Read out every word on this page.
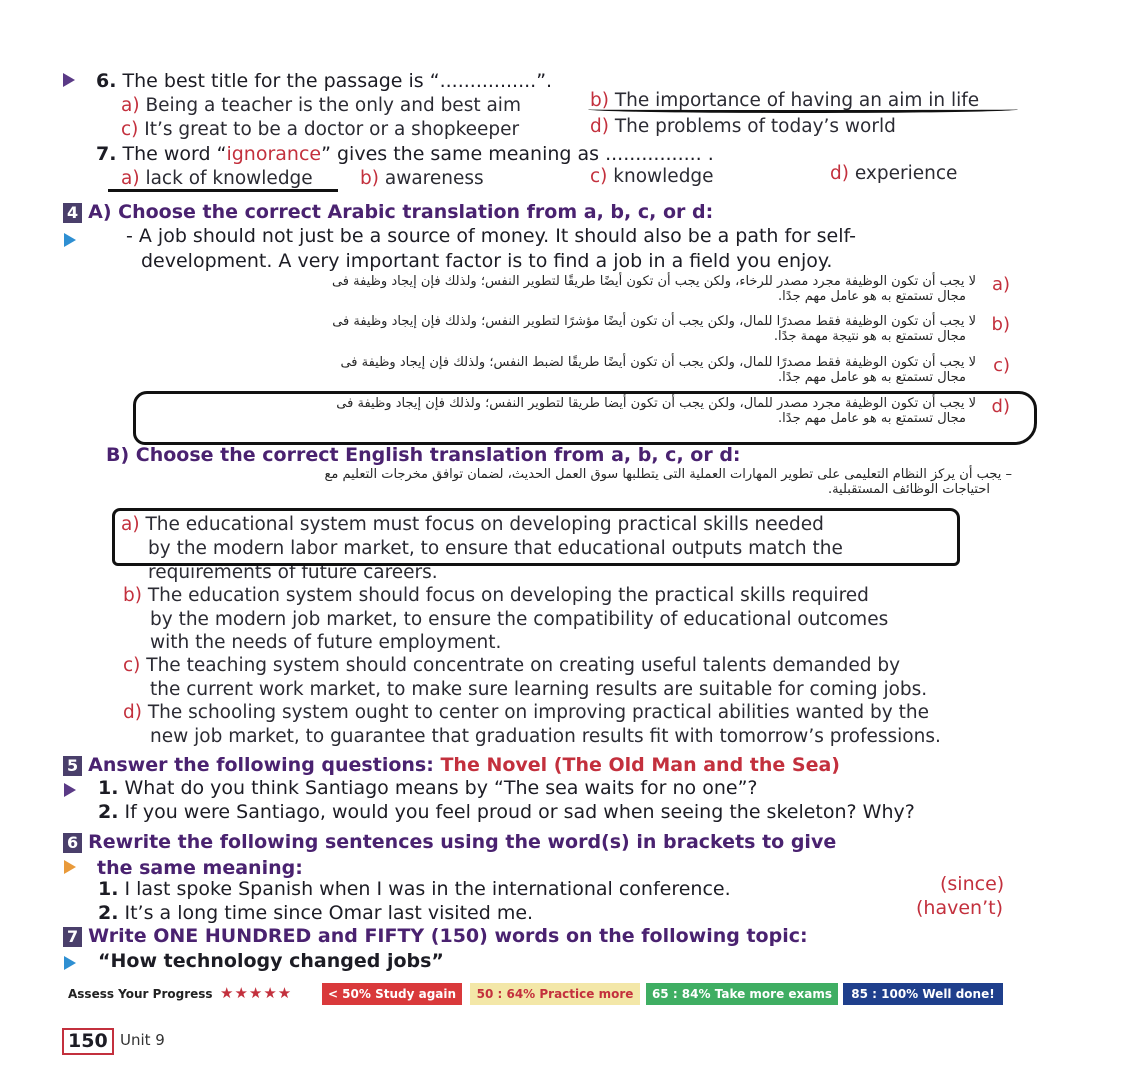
6. The best title for the passage is “................”.
a) Being a teacher is the only and best aim	b) The importance of having an aim in life
c) It’s great to be a doctor or a shopkeeper	d) The problems of today’s world
7. The word “ignorance” gives the same meaning as ................ .
a) lack of knowledge	b) awareness	c) knowledge	d) experience
4 A) Choose the correct Arabic translation from a, b, c, or d:
- A job should not just be a source of money. It should also be a path for self-
development. A very important factor is to find a job in a field you enjoy.
(a
لا يجب أن تكون الوظيفة مجرد مصدر للرخاء، ولكن يجب أن تكون أيضًا طريقًا لتطوير النفس؛ ولذلك فإن إيجاد وظيفة فى
مجال تستمتع به هو عامل مهم جدًا.
(b
لا يجب أن تكون الوظيفة فقط مصدرًا للمال، ولكن يجب أن تكون أيضًا مؤشرًا لتطوير النفس؛ ولذلك فإن إيجاد وظيفة فى
مجال تستمتع به هو نتيجة مهمة جدًا.
(c
لا يجب أن تكون الوظيفة فقط مصدرًا للمال، ولكن يجب أن تكون أيضًا طريقًا لضبط النفس؛ ولذلك فإن إيجاد وظيفة فى
مجال تستمتع به هو عامل مهم جدًا.
(d
لا يجب أن تكون الوظيفة مجرد مصدر للمال، ولكن يجب أن تكون أيضا طريقا لتطوير النفس؛ ولذلك فإن إيجاد وظيفة فى
مجال تستمتع به هو عامل مهم جدًا.
B) Choose the correct English translation from a, b, c, or d:
– يجب أن يركز النظام التعليمى على تطوير المهارات العملية التى يتطلبها سوق العمل الحديث، لضمان توافق مخرجات التعليم مع
احتياجات الوظائف المستقبلية.
a) The educational system must focus on developing practical skills needed
by the modern labor market, to ensure that educational outputs match the
requirements of future careers.
b) The education system should focus on developing the practical skills required
by the modern job market, to ensure the compatibility of educational outcomes
with the needs of future employment.
c) The teaching system should concentrate on creating useful talents demanded by
the current work market, to make sure learning results are suitable for coming jobs.
d) The schooling system ought to center on improving practical abilities wanted by the
new job market, to guarantee that graduation results fit with tomorrow’s professions.
5 Answer the following questions: The Novel (The Old Man and the Sea)
1. What do you think Santiago means by “The sea waits for no one”?
2. If you were Santiago, would you feel proud or sad when seeing the skeleton? Why?
6 Rewrite the following sentences using the word(s) in brackets to give
the same meaning:
1. I last spoke Spanish when I was in the international conference.	(since)
2. It’s a long time since Omar last visited me.	(haven’t)
7 Write ONE HUNDRED and FIFTY (150) words on the following topic:
“How technology changed jobs”
Assess Your Progress ★★★★★	< 50% Study again	50 : 64% Practice more	65 : 84% Take more exams	85 : 100% Well done!
150 Unit 9
